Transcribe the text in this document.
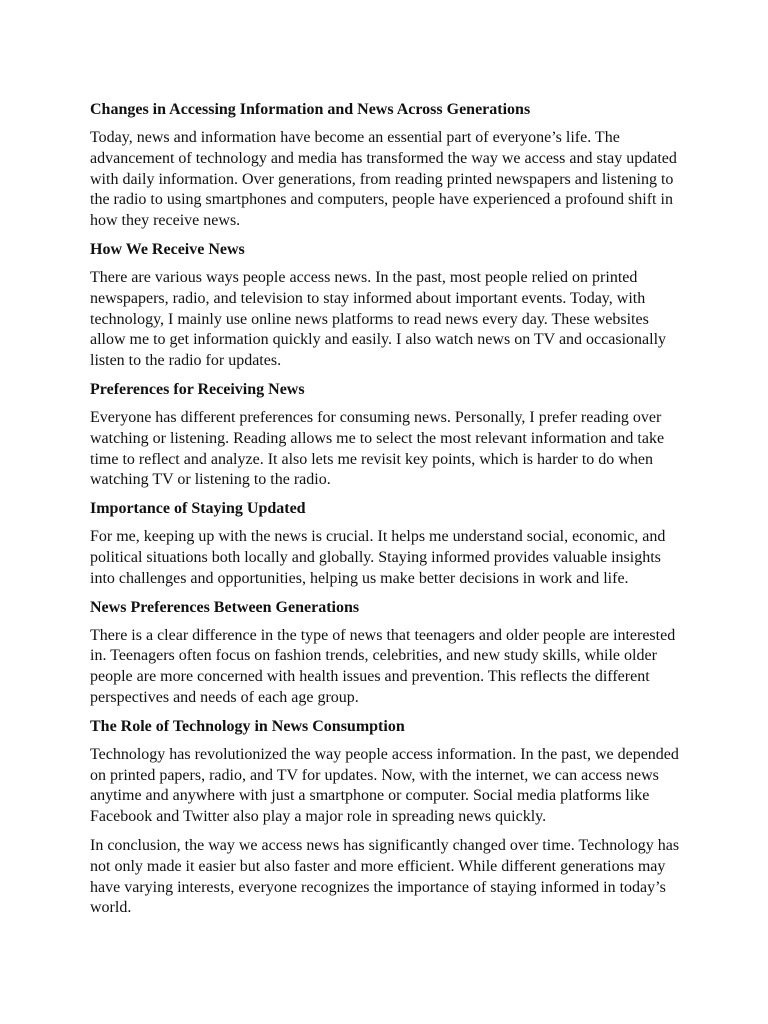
Changes in Accessing Information and News Across Generations
Today, news and information have become an essential part of everyone’s life. The advancement of technology and media has transformed the way we access and stay updated with daily information. Over generations, from reading printed newspapers and listening to the radio to using smartphones and computers, people have experienced a profound shift in how they receive news.
How We Receive News
There are various ways people access news. In the past, most people relied on printed newspapers, radio, and television to stay informed about important events. Today, with technology, I mainly use online news platforms to read news every day. These websites allow me to get information quickly and easily. I also watch news on TV and occasionally listen to the radio for updates.
Preferences for Receiving News
Everyone has different preferences for consuming news. Personally, I prefer reading over watching or listening. Reading allows me to select the most relevant information and take time to reflect and analyze. It also lets me revisit key points, which is harder to do when watching TV or listening to the radio.
Importance of Staying Updated
For me, keeping up with the news is crucial. It helps me understand social, economic, and political situations both locally and globally. Staying informed provides valuable insights into challenges and opportunities, helping us make better decisions in work and life.
News Preferences Between Generations
There is a clear difference in the type of news that teenagers and older people are interested in. Teenagers often focus on fashion trends, celebrities, and new study skills, while older people are more concerned with health issues and prevention. This reflects the different perspectives and needs of each age group.
The Role of Technology in News Consumption
Technology has revolutionized the way people access information. In the past, we depended on printed papers, radio, and TV for updates. Now, with the internet, we can access news anytime and anywhere with just a smartphone or computer. Social media platforms like Facebook and Twitter also play a major role in spreading news quickly.
In conclusion, the way we access news has significantly changed over time. Technology has not only made it easier but also faster and more efficient. While different generations may have varying interests, everyone recognizes the importance of staying informed in today’s world.
